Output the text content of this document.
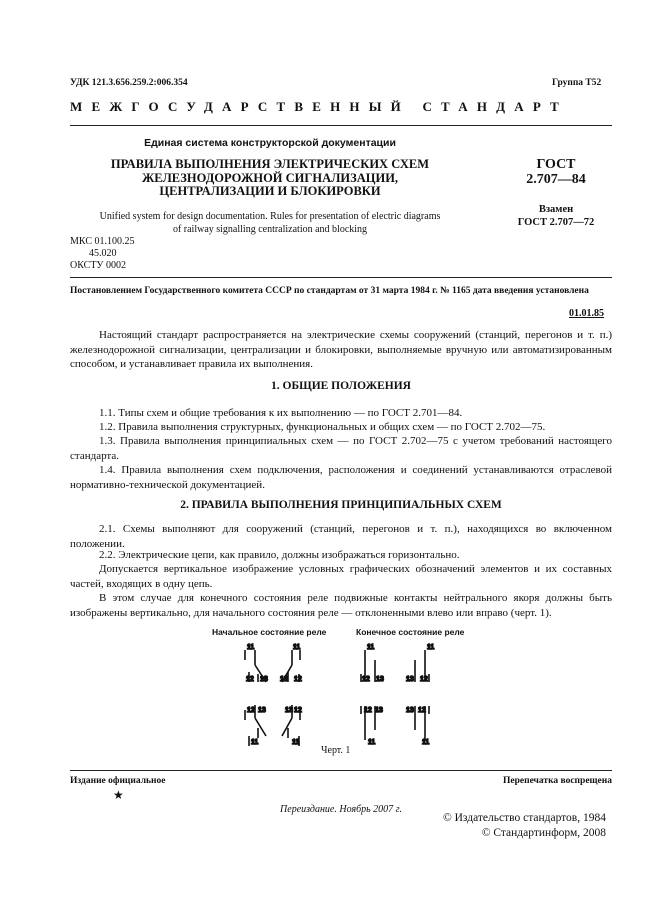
УДК 121.3.656.259.2:006.354	Группа Т52
МЕЖГОСУДАРСТВЕННЫЙ СТАНДАРТ
Единая система конструкторской документации
ПРАВИЛА ВЫПОЛНЕНИЯ ЭЛЕКТРИЧЕСКИХ СХЕМ
ЖЕЛЕЗНОДОРОЖНОЙ СИГНАЛИЗАЦИИ,
ЦЕНТРАЛИЗАЦИИ И БЛОКИРОВКИ
ГОСТ
2.707—84
Взамен
ГОСТ 2.707—72
Unified system for design documentation. Rules for presentation of electric diagrams
of railway signalling centralization and blocking
МКС 01.100.25
45.020
ОКСТУ 0002
Постановлением Государственного комитета СССР по стандартам от 31 марта 1984 г. № 1165 дата введения установлена
01.01.85
Настоящий стандарт распространяется на электрические схемы сооружений (станций, перегонов и т. п.) железнодорожной сигнализации, централизации и блокировки, выполняемые вручную или автоматизированным способом, и устанавливает правила их выполнения.
1. ОБЩИЕ ПОЛОЖЕНИЯ
1.1. Типы схем и общие требования к их выполнению — по ГОСТ 2.701—84.
1.2. Правила выполнения структурных, функциональных и общих схем — по ГОСТ 2.702—75.
1.3. Правила выполнения принципиальных схем — по ГОСТ 2.702—75 с учетом требований настоящего стандарта.
1.4. Правила выполнения схем подключения, расположения и соединений устанавливаются отраслевой нормативно-технической документацией.
2. ПРАВИЛА ВЫПОЛНЕНИЯ ПРИНЦИПИАЛЬНЫХ СХЕМ
2.1. Схемы выполняют для сооружений (станций, перегонов и т. п.), находящихся во включенном положении.
2.2. Электрические цепи, как правило, должны изображаться горизонтально.
Допускается вертикальное изображение условных графических обозначений элементов и их составных частей, входящих в одну цепь.
В этом случае для конечного состояния реле подвижные контакты нейтрального якоря должны быть изображены вертикально, для начального состояния реле — отклоненными влево или вправо (черт. 1).
Начальное состояние реле	Конечное состояние реле
11
12 13
11
13 12
12 13
11
13 12
11
11
12 13
11
13 12
12 13
11
13 12
11
Черт. 1
Издание официальное
★
Перепечатка воспрещена
Переиздание. Ноябрь 2007 г.
© Издательство стандартов, 1984
© Стандартинформ, 2008
